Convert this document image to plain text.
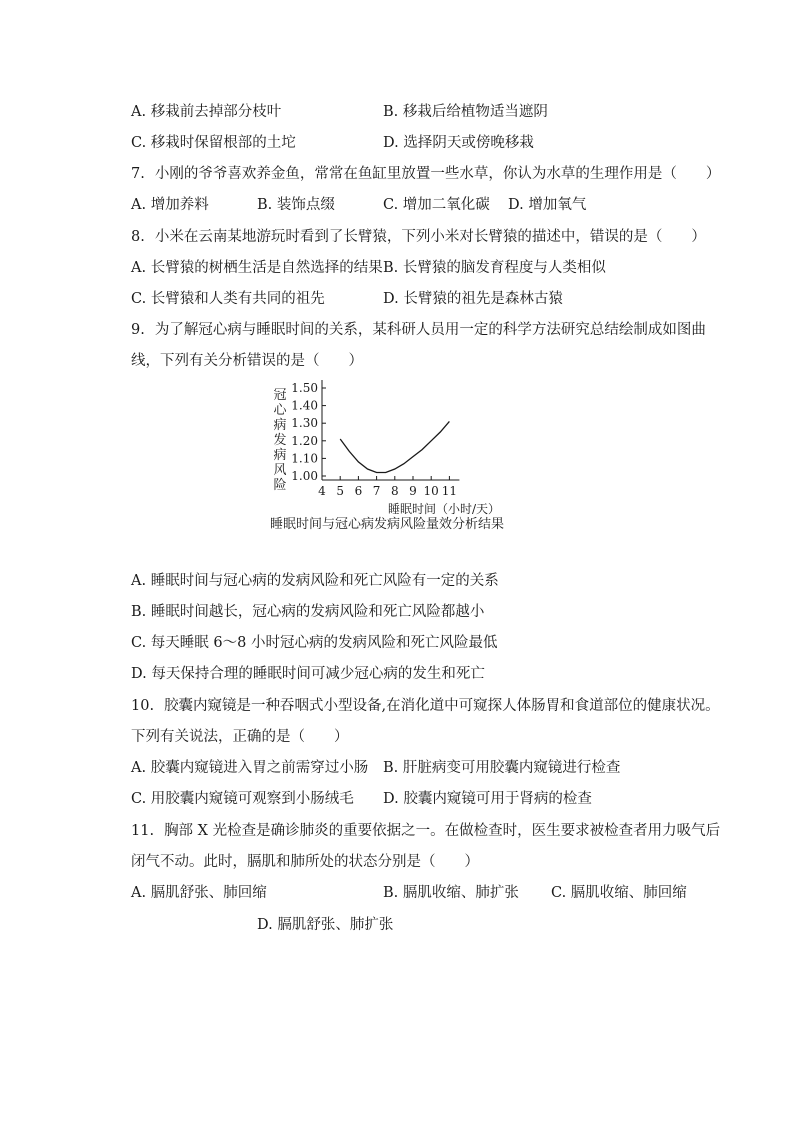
A. 移栽前去掉部分枝叶	B. 移栽后给植物适当遮阴
C. 移栽时保留根部的土坨	D. 选择阴天或傍晚移栽
7. 小刚的爷爷喜欢养金鱼，常常在鱼缸里放置一些水草，你认为水草的生理作用是（　　）
A. 增加养料	B. 装饰点缀	C. 增加二氧化碳 D. 增加氧气
8. 小米在云南某地游玩时看到了长臂猿，下列小米对长臂猿的描述中，错误的是（　　）
A. 长臂猿的树栖生活是自然选择的结果 B. 长臂猿的脑发育程度与人类相似
C. 长臂猿和人类有共同的祖先	D. 长臂猿的祖先是森林古猿
9. 为了解冠心病与睡眠时间的关系，某科研人员用一定的科学方法研究总结绘制成如图曲
线，下列有关分析错误的是（　　）
冠
心
病
发
病
风
险
1.00
1.10
1.20
1.30
1.40
1.50
4 5 6 7 8 9 10 11
睡眠时间（小时/天）
睡眠时间与冠心病发病风险量效分析结果
A. 睡眠时间与冠心病的发病风险和死亡风险有一定的关系
B. 睡眠时间越长，冠心病的发病风险和死亡风险都越小
C. 每天睡眠 6～8 小时冠心病的发病风险和死亡风险最低
D. 每天保持合理的睡眠时间可减少冠心病的发生和死亡
10. 胶囊内窥镜是一种吞咽式小型设备,在消化道中可窥探人体肠胃和食道部位的健康状况。
下列有关说法，正确的是（　　）
A. 胶囊内窥镜进入胃之前需穿过小肠 B. 肝脏病变可用胶囊内窥镜进行检查
C. 用胶囊内窥镜可观察到小肠绒毛 D. 胶囊内窥镜可用于肾病的检查
11. 胸部 X 光检查是确诊肺炎的重要依据之一。在做检查时，医生要求被检查者用力吸气后
闭气不动。此时，膈肌和肺所处的状态分别是（　　）
A. 膈肌舒张、肺回缩	B. 膈肌收缩、肺扩张 C. 膈肌收缩、肺回缩
D. 膈肌舒张、肺扩张
